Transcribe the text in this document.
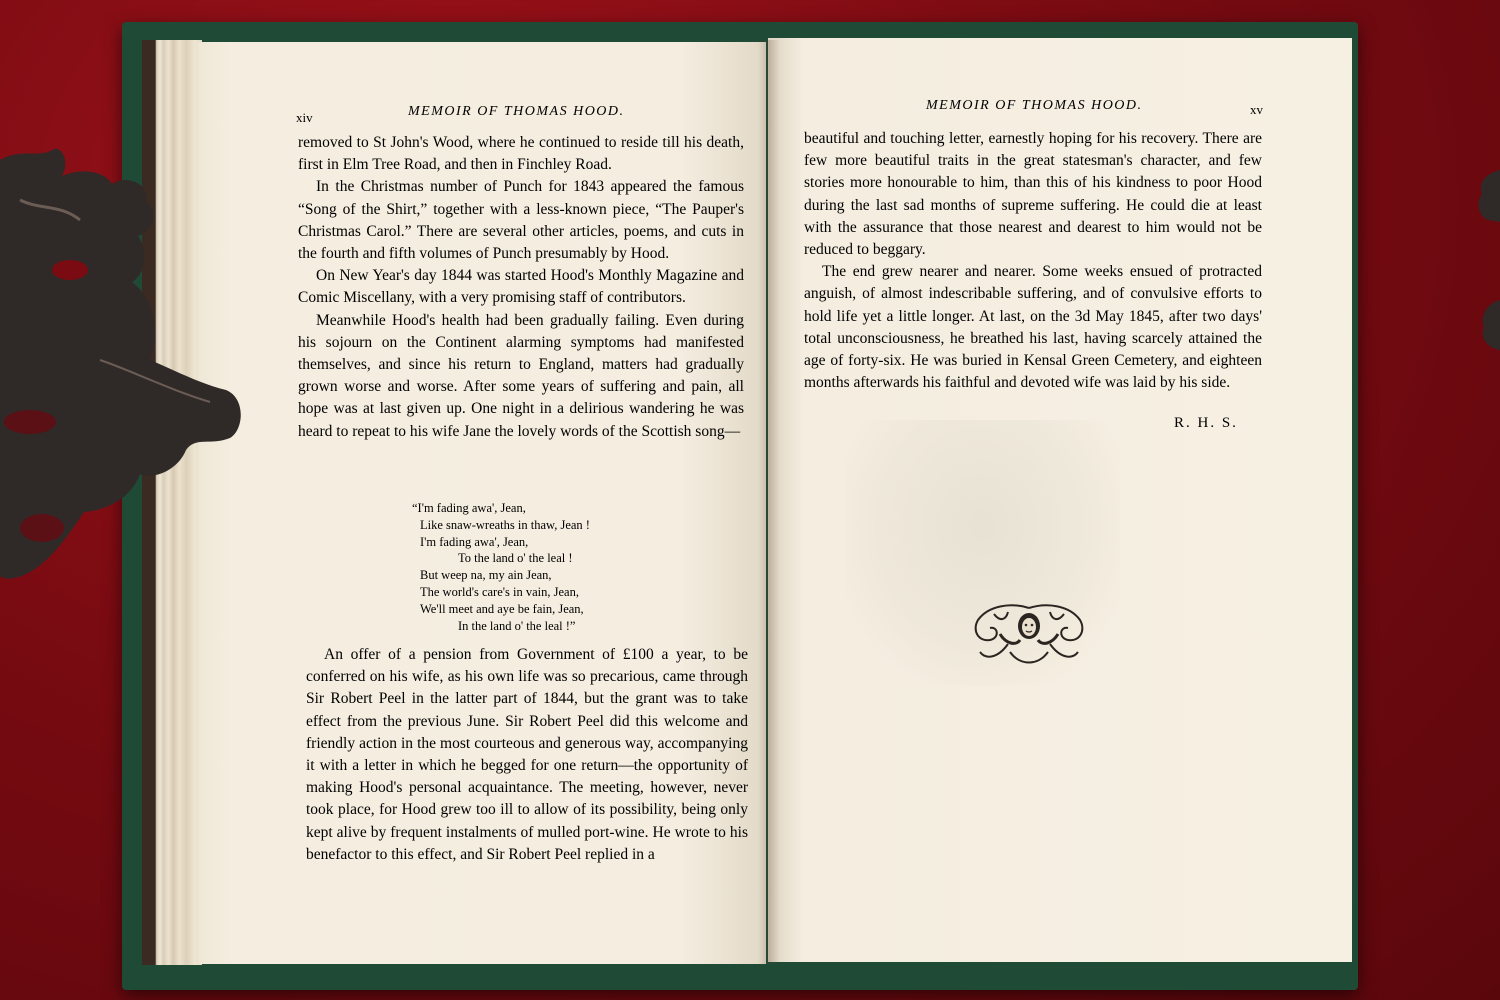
xiv	MEMOIR OF THOMAS HOOD.

removed to St John's Wood, where he continued to reside till his death, first in Elm Tree Road, and then in Finchley Road.

In the Christmas number of Punch for 1843 appeared the famous “Song of the Shirt,” together with a less-known piece, “The Pauper's Christmas Carol.” There are several other articles, poems, and cuts in the fourth and fifth volumes of Punch presumably by Hood.

On New Year's day 1844 was started Hood's Monthly Magazine and Comic Miscellany, with a very promising staff of contributors.

Meanwhile Hood's health had been gradually failing. Even during his sojourn on the Continent alarming symptoms had manifested themselves, and since his return to England, matters had gradually grown worse and worse. After some years of suffering and pain, all hope was at last given up. One night in a delirious wandering he was heard to repeat to his wife Jane the lovely words of the Scottish song—

“I'm fading awa', Jean,
Like snaw-wreaths in thaw, Jean !
I'm fading awa', Jean,
To the land o' the leal !
But weep na, my ain Jean,
The world's care's in vain, Jean,
We'll meet and aye be fain, Jean,
In the land o' the leal !”

An offer of a pension from Government of £100 a year, to be conferred on his wife, as his own life was so precarious, came through Sir Robert Peel in the latter part of 1844, but the grant was to take effect from the previous June. Sir Robert Peel did this welcome and friendly action in the most courteous and generous way, accompanying it with a letter in which he begged for one return—the opportunity of making Hood's personal acquaintance. The meeting, however, never took place, for Hood grew too ill to allow of its possibility, being only kept alive by frequent instalments of mulled port-wine. He wrote to his benefactor to this effect, and Sir Robert Peel replied in a

MEMOIR OF THOMAS HOOD.	xv

beautiful and touching letter, earnestly hoping for his recovery. There are few more beautiful traits in the great statesman's character, and few stories more honourable to him, than this of his kindness to poor Hood during the last sad months of supreme suffering. He could die at least with the assurance that those nearest and dearest to him would not be reduced to beggary.

The end grew nearer and nearer. Some weeks ensued of protracted anguish, of almost indescribable suffering, and of convulsive efforts to hold life yet a little longer. At last, on the 3d May 1845, after two days' total unconsciousness, he breathed his last, having scarcely attained the age of forty-six. He was buried in Kensal Green Cemetery, and eighteen months afterwards his faithful and devoted wife was laid by his side.

R. H. S.
